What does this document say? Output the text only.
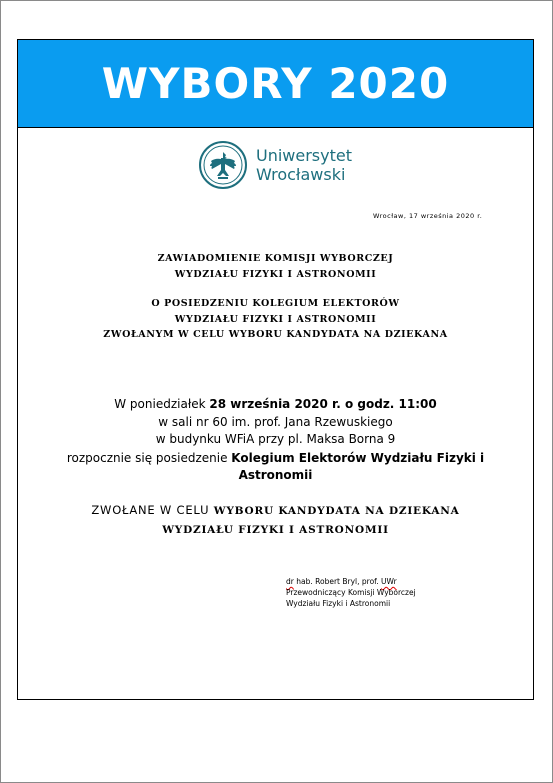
WYBORY 2020
Uniwersytet
Wrocławski
Wrocław, 17 września 2020 r.
ZAWIADOMIENIE KOMISJI WYBORCZEJ
WYDZIAŁU FIZYKI I ASTRONOMII
O POSIEDZENIU KOLEGIUM ELEKTORÓW
WYDZIAŁU FIZYKI I ASTRONOMII
ZWOŁANYM W CELU WYBORU KANDYDATA NA DZIEKANA
W poniedziałek 28 września 2020 r. o godz. 11:00
w sali nr 60 im. prof. Jana Rzewuskiego
w budynku WFiA przy pl. Maksa Borna 9
rozpocznie się posiedzenie Kolegium Elektorów Wydziału Fizyki i
Astronomii
ZWOŁANE W CELU WYBORU KANDYDATA NA DZIEKANA
WYDZIAŁU FIZYKI I ASTRONOMII
dr hab. Robert Bryl, prof. UWr
Przewodniczący Komisji Wyborczej
Wydziału Fizyki i Astronomii
